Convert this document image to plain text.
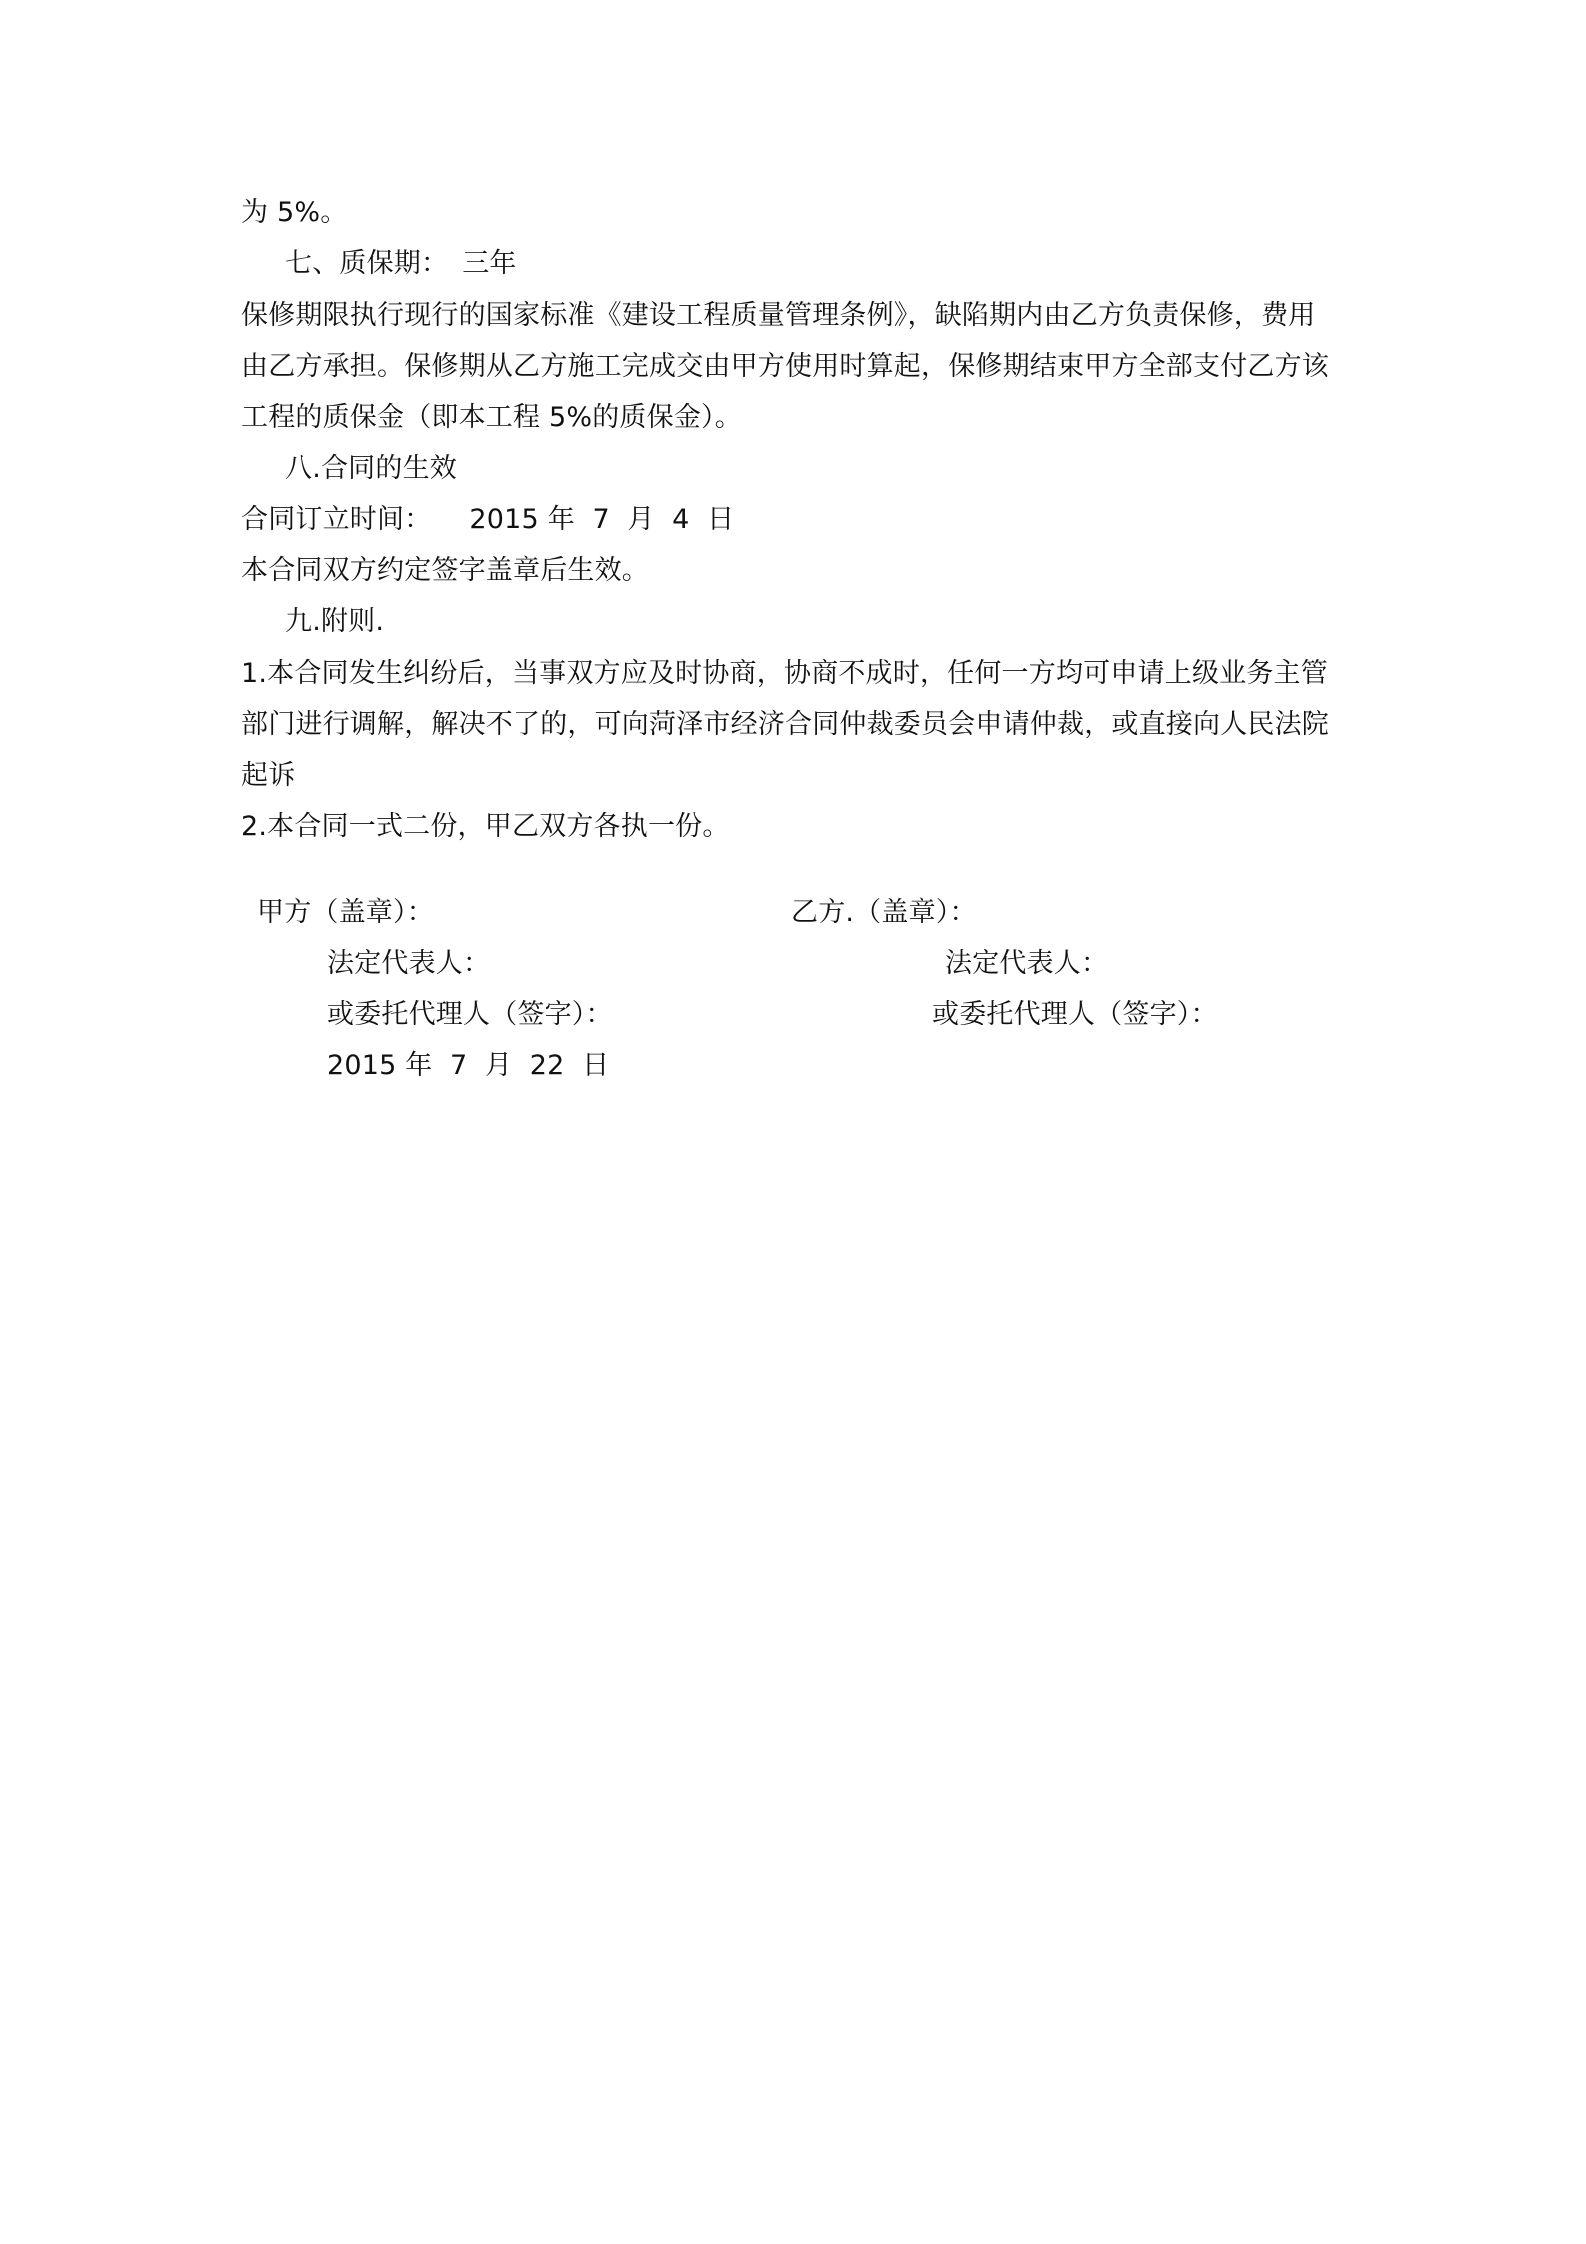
为 5%。
七、质保期： 三年
保修期限执行现行的国家标准《建设工程质量管理条例》，缺陷期内由乙方负责保修，费用
由乙方承担。保修期从乙方施工完成交由甲方使用时算起，保修期结束甲方全部支付乙方该
工程的质保金（即本工程 5%的质保金）。
八.合同的生效
合同订立时间： 2015 年  7  月  4  日
本合同双方约定签字盖章后生效。
九.附则.
1.本合同发生纠纷后，当事双方应及时协商，协商不成时，任何一方均可申请上级业务主管
部门进行调解，解决不了的，可向菏泽市经济合同仲裁委员会申请仲裁，或直接向人民法院
起诉
2.本合同一式二份，甲乙双方各执一份。
甲方（盖章）：	乙方.（盖章）：
法定代表人：	法定代表人：
或委托代理人（签字）：	或委托代理人（签字）：
2015 年  7  月  22  日
